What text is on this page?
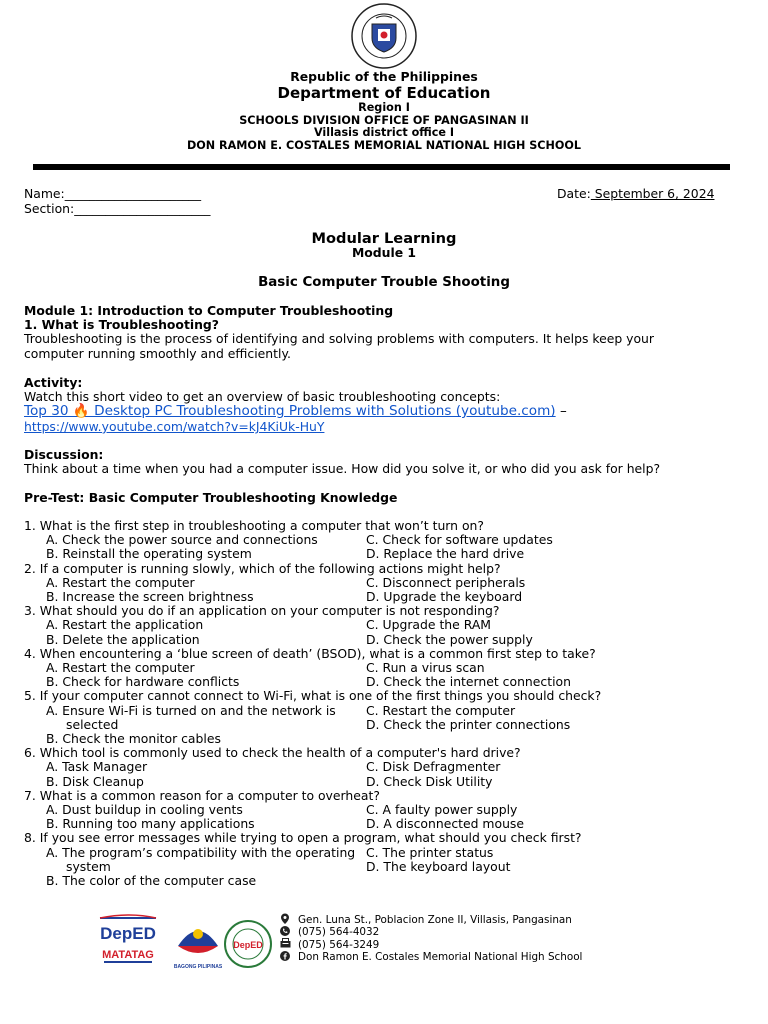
Republic of the Philippines
Department of Education
Region I
SCHOOLS DIVISION OFFICE OF PANGASINAN II
Villasis district office I
DON RAMON E. COSTALES MEMORIAL NATIONAL HIGH SCHOOL
Name:______________________
Section:______________________
Date: September 6, 2024
Modular Learning
Module 1
Basic Computer Trouble Shooting
Module 1: Introduction to Computer Troubleshooting
1. What is Troubleshooting?
Troubleshooting is the process of identifying and solving problems with computers. It helps keep your
computer running smoothly and efficiently.
Activity:
Watch this short video to get an overview of basic troubleshooting concepts:
Top 30 🔥 Desktop PC Troubleshooting Problems with Solutions (youtube.com) –
https://www.youtube.com/watch?v=kJ4KiUk-HuY
Discussion:
Think about a time when you had a computer issue. How did you solve it, or who did you ask for help?
Pre-Test: Basic Computer Troubleshooting Knowledge
1. What is the first step in troubleshooting a computer that won’t turn on?
A. Check the power source and connections	C. Check for software updates
B. Reinstall the operating system	D. Replace the hard drive
2. If a computer is running slowly, which of the following actions might help?
A. Restart the computer	C. Disconnect peripherals
B. Increase the screen brightness	D. Upgrade the keyboard
3. What should you do if an application on your computer is not responding?
A. Restart the application	C. Upgrade the RAM
B. Delete the application	D. Check the power supply
4. When encountering a ‘blue screen of death’ (BSOD), what is a common first step to take?
A. Restart the computer	C. Run a virus scan
B. Check for hardware conflicts	D. Check the internet connection
5. If your computer cannot connect to Wi-Fi, what is one of the first things you should check?
A. Ensure Wi-Fi is turned on and the network is	C. Restart the computer
selected	D. Check the printer connections
B. Check the monitor cables
6. Which tool is commonly used to check the health of a computer's hard drive?
A. Task Manager	C. Disk Defragmenter
B. Disk Cleanup	D. Check Disk Utility
7. What is a common reason for a computer to overheat?
A. Dust buildup in cooling vents	C. A faulty power supply
B. Running too many applications	D. A disconnected mouse
8. If you see error messages while trying to open a program, what should you check first?
A. The program’s compatibility with the operating C. The printer status
system	D. The keyboard layout
B. The color of the computer case
DepED
MATATAG
BAGONG PILIPINAS
DepED
Gen. Luna St., Poblacion Zone II, Villasis, Pangasinan
(075) 564-4032
(075) 564-3249
Don Ramon E. Costales Memorial National High School
